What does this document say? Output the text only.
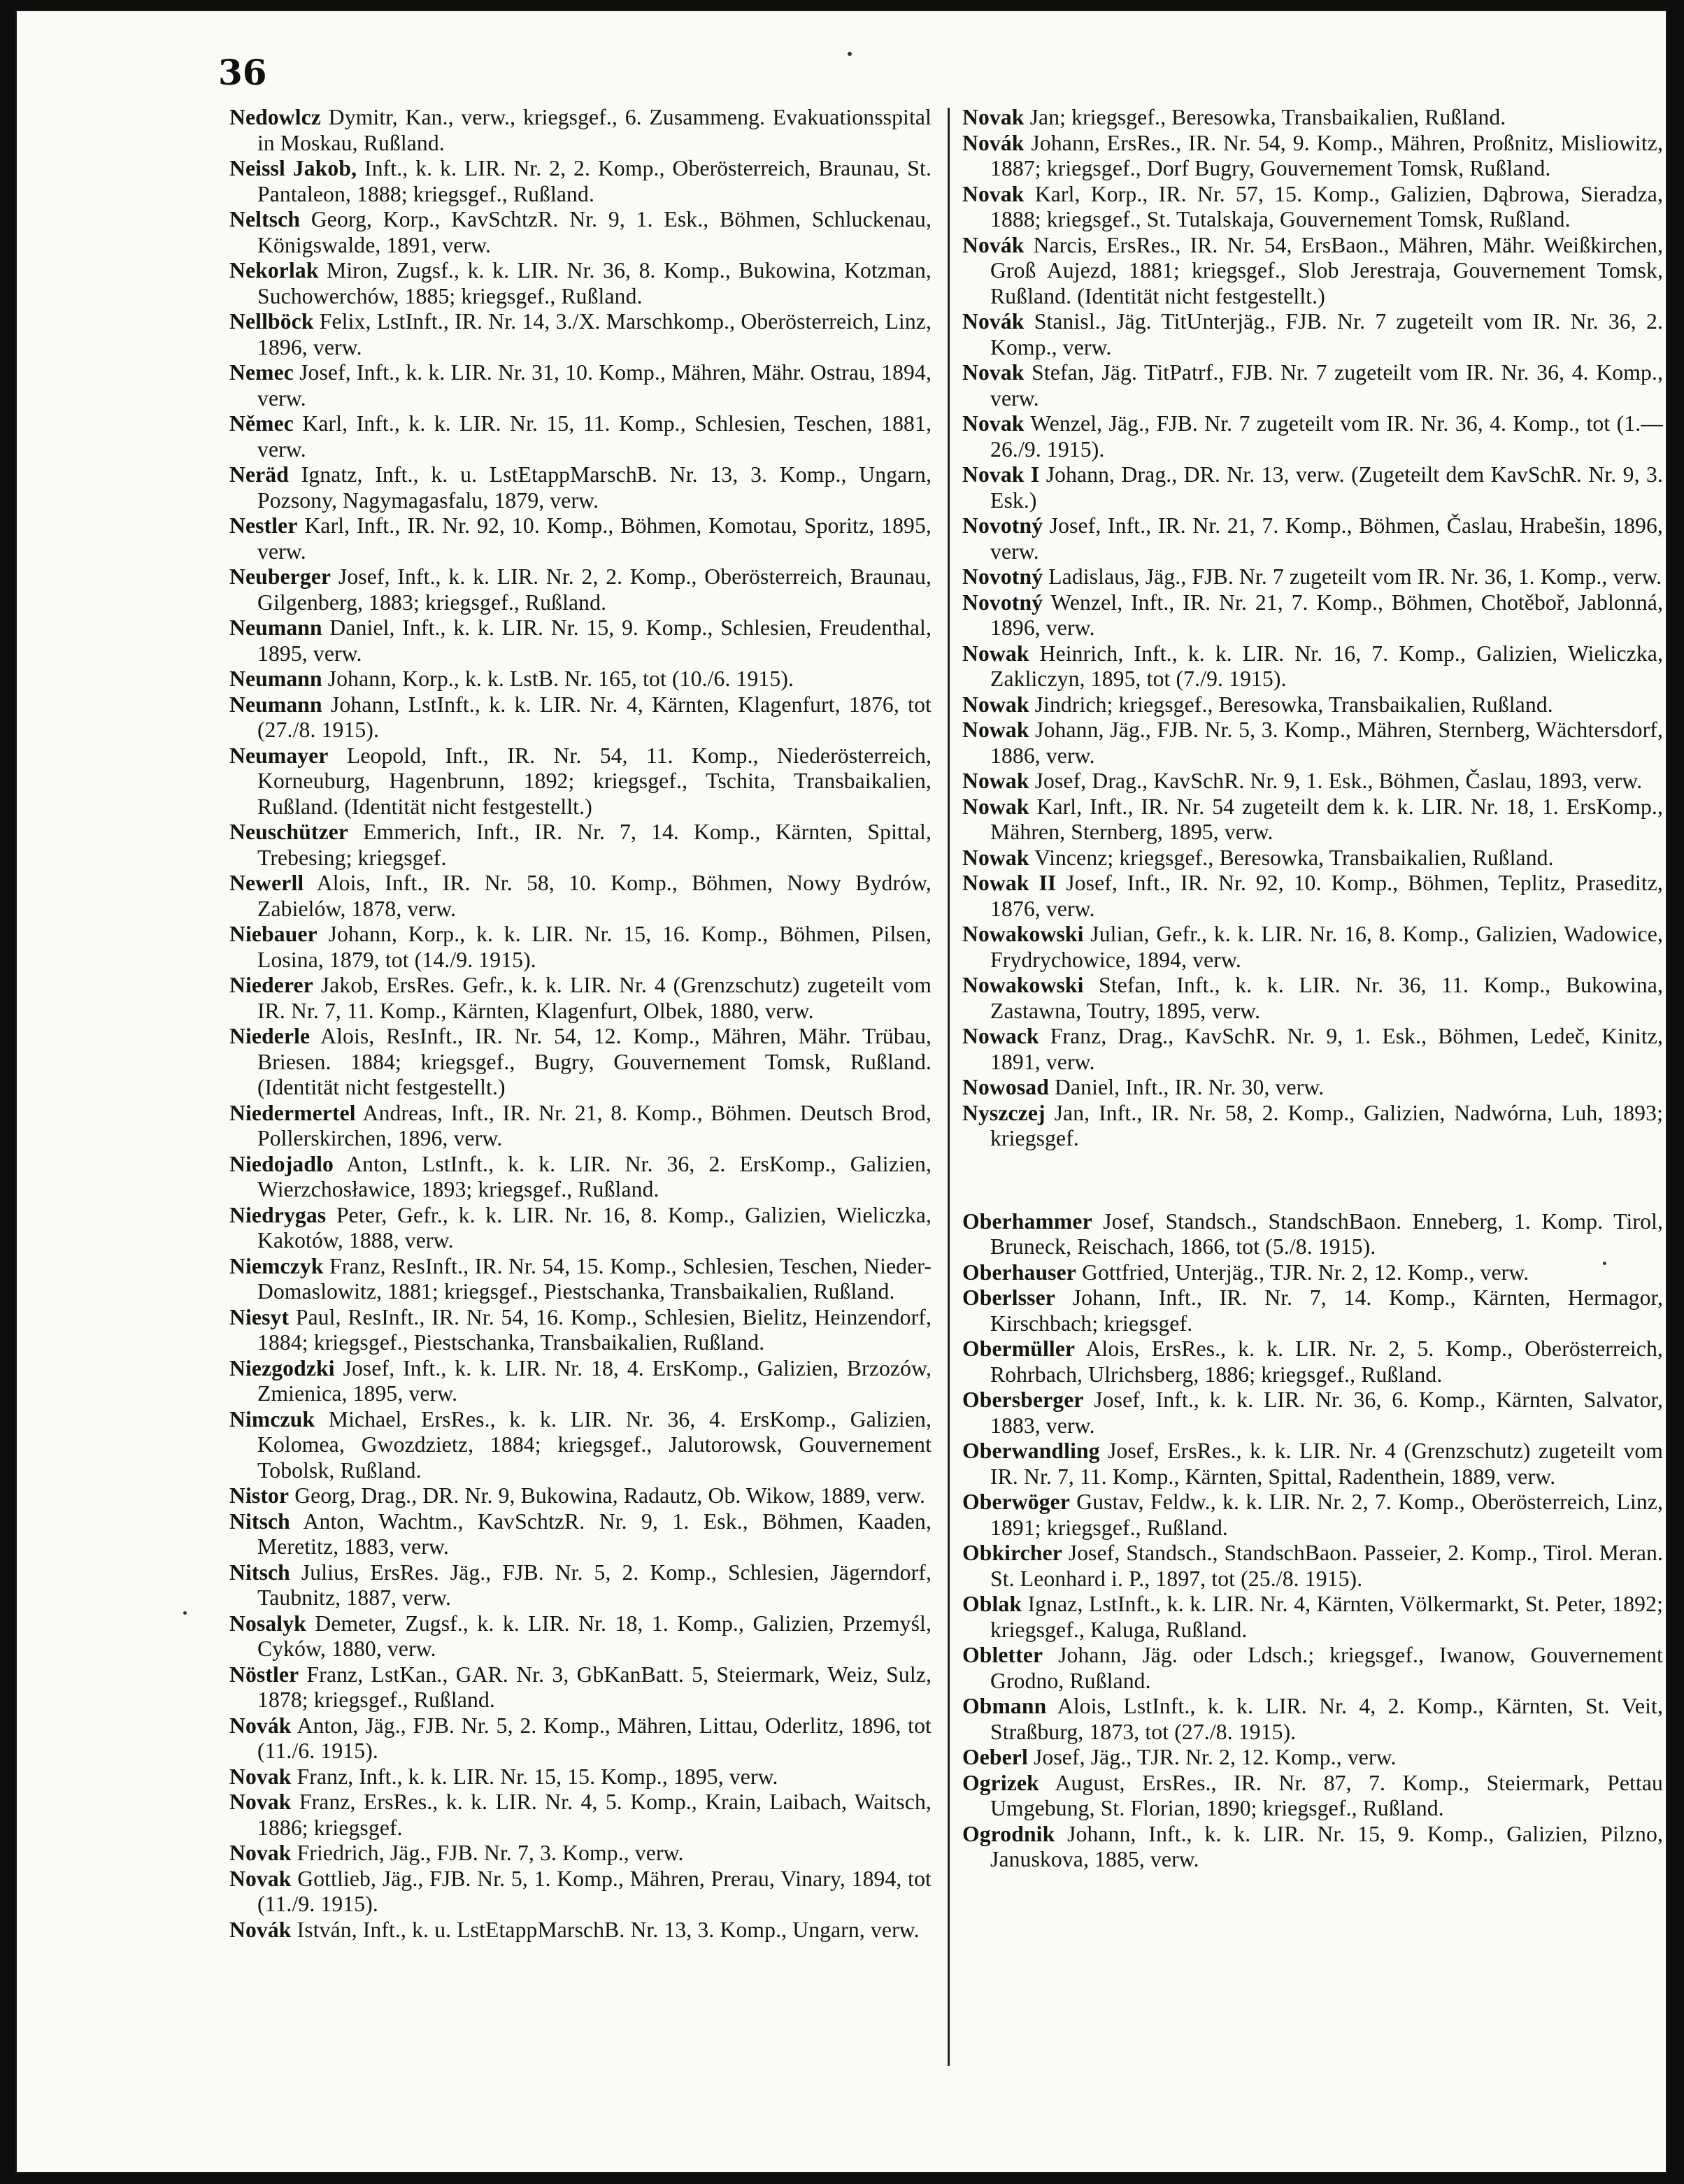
36

Nedowlcz Dymitr, Kan., verw., kriegsgef., 6. Zusammeng. Evakuationsspital in Moskau, Rußland.

Neissl Jakob, Inft., k. k. LIR. Nr. 2, 2. Komp., Oberösterreich, Braunau, St. Pantaleon, 1888; kriegsgef., Rußland.

Neltsch Georg, Korp., KavSchtzR. Nr. 9, 1. Esk., Böhmen, Schluckenau, Königswalde, 1891, verw.

Nekorlak Miron, Zugsf., k. k. LIR. Nr. 36, 8. Komp., Bukowina, Kotzman, Suchowerchów, 1885; kriegsgef., Rußland.

Nellböck Felix, LstInft., IR. Nr. 14, 3./X. Marschkomp., Oberösterreich, Linz, 1896, verw.

Nemec Josef, Inft., k. k. LIR. Nr. 31, 10. Komp., Mähren, Mähr. Ostrau, 1894, verw.

Němec Karl, Inft., k. k. LIR. Nr. 15, 11. Komp., Schlesien, Teschen, 1881, verw.

Neräd Ignatz, Inft., k. u. LstEtappMarschB. Nr. 13, 3. Komp., Ungarn, Pozsony, Nagymagasfalu, 1879, verw.

Nestler Karl, Inft., IR. Nr. 92, 10. Komp., Böhmen, Komotau, Sporitz, 1895, verw.

Neuberger Josef, Inft., k. k. LIR. Nr. 2, 2. Komp., Oberösterreich, Braunau, Gilgenberg, 1883; kriegsgef., Rußland.

Neumann Daniel, Inft., k. k. LIR. Nr. 15, 9. Komp., Schlesien, Freudenthal, 1895, verw.

Neumann Johann, Korp., k. k. LstB. Nr. 165, tot (10./6. 1915).

Neumann Johann, LstInft., k. k. LIR. Nr. 4, Kärnten, Klagenfurt, 1876, tot (27./8. 1915).

Neumayer Leopold, Inft., IR. Nr. 54, 11. Komp., Niederösterreich, Korneuburg, Hagenbrunn, 1892; kriegsgef., Tschita, Transbaikalien, Rußland. (Identität nicht festgestellt.)

Neuschützer Emmerich, Inft., IR. Nr. 7, 14. Komp., Kärnten, Spittal, Trebesing; kriegsgef.

Newerll Alois, Inft., IR. Nr. 58, 10. Komp., Böhmen, Nowy Bydrów, Zabielów, 1878, verw.

Niebauer Johann, Korp., k. k. LIR. Nr. 15, 16. Komp., Böhmen, Pilsen, Losina, 1879, tot (14./9. 1915).

Niederer Jakob, ErsRes. Gefr., k. k. LIR. Nr. 4 (Grenzschutz) zugeteilt vom IR. Nr. 7, 11. Komp., Kärnten, Klagenfurt, Olbek, 1880, verw.

Niederle Alois, ResInft., IR. Nr. 54, 12. Komp., Mähren, Mähr. Trübau, Briesen. 1884; kriegsgef., Bugry, Gouvernement Tomsk, Rußland. (Identität nicht festgestellt.)

Niedermertel Andreas, Inft., IR. Nr. 21, 8. Komp., Böhmen. Deutsch Brod, Pollerskirchen, 1896, verw.

Niedojadlo Anton, LstInft., k. k. LIR. Nr. 36, 2. ErsKomp., Galizien, Wierzchosławice, 1893; kriegsgef., Rußland.

Niedrygas Peter, Gefr., k. k. LIR. Nr. 16, 8. Komp., Galizien, Wieliczka, Kakotów, 1888, verw.

Niemczyk Franz, ResInft., IR. Nr. 54, 15. Komp., Schlesien, Teschen, Nieder-Domaslowitz, 1881; kriegsgef., Piestschanka, Transbaikalien, Rußland.

Niesyt Paul, ResInft., IR. Nr. 54, 16. Komp., Schlesien, Bielitz, Heinzendorf, 1884; kriegsgef., Piestschanka, Transbaikalien, Rußland.

Niezgodzki Josef, Inft., k. k. LIR. Nr. 18, 4. ErsKomp., Galizien, Brzozów, Zmienica, 1895, verw.

Nimczuk Michael, ErsRes., k. k. LIR. Nr. 36, 4. ErsKomp., Galizien, Kolomea, Gwozdzietz, 1884; kriegsgef., Jalutorowsk, Gouvernement Tobolsk, Rußland.

Nistor Georg, Drag., DR. Nr. 9, Bukowina, Radautz, Ob. Wikow, 1889, verw.

Nitsch Anton, Wachtm., KavSchtzR. Nr. 9, 1. Esk., Böhmen, Kaaden, Meretitz, 1883, verw.

Nitsch Julius, ErsRes. Jäg., FJB. Nr. 5, 2. Komp., Schlesien, Jägerndorf, Taubnitz, 1887, verw.

Nosalyk Demeter, Zugsf., k. k. LIR. Nr. 18, 1. Komp., Galizien, Przemyśl, Cyków, 1880, verw.

Nöstler Franz, LstKan., GAR. Nr. 3, GbKanBatt. 5, Steiermark, Weiz, Sulz, 1878; kriegsgef., Rußland.

Novák Anton, Jäg., FJB. Nr. 5, 2. Komp., Mähren, Littau, Oderlitz, 1896, tot (11./6. 1915).

Novak Franz, Inft., k. k. LIR. Nr. 15, 15. Komp., 1895, verw.

Novak Franz, ErsRes., k. k. LIR. Nr. 4, 5. Komp., Krain, Laibach, Waitsch, 1886; kriegsgef.

Novak Friedrich, Jäg., FJB. Nr. 7, 3. Komp., verw.

Novak Gottlieb, Jäg., FJB. Nr. 5, 1. Komp., Mähren, Prerau, Vinary, 1894, tot (11./9. 1915).

Novák István, Inft., k. u. LstEtappMarschB. Nr. 13, 3. Komp., Ungarn, verw.

Novak Jan; kriegsgef., Beresowka, Transbaikalien, Rußland.

Novák Johann, ErsRes., IR. Nr. 54, 9. Komp., Mähren, Proßnitz, Misliowitz, 1887; kriegsgef., Dorf Bugry, Gouvernement Tomsk, Rußland.

Novak Karl, Korp., IR. Nr. 57, 15. Komp., Galizien, Dąbrowa, Sieradza, 1888; kriegsgef., St. Tutalskaja, Gouvernement Tomsk, Rußland.

Novák Narcis, ErsRes., IR. Nr. 54, ErsBaon., Mähren, Mähr. Weißkirchen, Groß Aujezd, 1881; kriegsgef., Slob Jerestraja, Gouvernement Tomsk, Rußland. (Identität nicht festgestellt.)

Novák Stanisl., Jäg. TitUnterjäg., FJB. Nr. 7 zugeteilt vom IR. Nr. 36, 2. Komp., verw.

Novak Stefan, Jäg. TitPatrf., FJB. Nr. 7 zugeteilt vom IR. Nr. 36, 4. Komp., verw.

Novak Wenzel, Jäg., FJB. Nr. 7 zugeteilt vom IR. Nr. 36, 4. Komp., tot (1.—26./9. 1915).

Novak I Johann, Drag., DR. Nr. 13, verw. (Zugeteilt dem KavSchR. Nr. 9, 3. Esk.)

Novotný Josef, Inft., IR. Nr. 21, 7. Komp., Böhmen, Časlau, Hrabešin, 1896, verw.

Novotný Ladislaus, Jäg., FJB. Nr. 7 zugeteilt vom IR. Nr. 36, 1. Komp., verw.

Novotný Wenzel, Inft., IR. Nr. 21, 7. Komp., Böhmen, Chotěboř, Jablonná, 1896, verw.

Nowak Heinrich, Inft., k. k. LIR. Nr. 16, 7. Komp., Galizien, Wieliczka, Zakliczyn, 1895, tot (7./9. 1915).

Nowak Jindrich; kriegsgef., Beresowka, Transbaikalien, Rußland.

Nowak Johann, Jäg., FJB. Nr. 5, 3. Komp., Mähren, Sternberg, Wächtersdorf, 1886, verw.

Nowak Josef, Drag., KavSchR. Nr. 9, 1. Esk., Böhmen, Časlau, 1893, verw.

Nowak Karl, Inft., IR. Nr. 54 zugeteilt dem k. k. LIR. Nr. 18, 1. ErsKomp., Mähren, Sternberg, 1895, verw.

Nowak Vincenz; kriegsgef., Beresowka, Transbaikalien, Rußland.

Nowak II Josef, Inft., IR. Nr. 92, 10. Komp., Böhmen, Teplitz, Praseditz, 1876, verw.

Nowakowski Julian, Gefr., k. k. LIR. Nr. 16, 8. Komp., Galizien, Wadowice, Frydrychowice, 1894, verw.

Nowakowski Stefan, Inft., k. k. LIR. Nr. 36, 11. Komp., Bukowina, Zastawna, Toutry, 1895, verw.

Nowack Franz, Drag., KavSchR. Nr. 9, 1. Esk., Böhmen, Ledeč, Kinitz, 1891, verw.

Nowosad Daniel, Inft., IR. Nr. 30, verw.

Nyszczej Jan, Inft., IR. Nr. 58, 2. Komp., Galizien, Nadwórna, Luh, 1893; kriegsgef.

Oberhammer Josef, Standsch., StandschBaon. Enneberg, 1. Komp. Tirol, Bruneck, Reischach, 1866, tot (5./8. 1915).

Oberhauser Gottfried, Unterjäg., TJR. Nr. 2, 12. Komp., verw.

Oberlsser Johann, Inft., IR. Nr. 7, 14. Komp., Kärnten, Hermagor, Kirschbach; kriegsgef.

Obermüller Alois, ErsRes., k. k. LIR. Nr. 2, 5. Komp., Oberösterreich, Rohrbach, Ulrichsberg, 1886; kriegsgef., Rußland.

Obersberger Josef, Inft., k. k. LIR. Nr. 36, 6. Komp., Kärnten, Salvator, 1883, verw.

Oberwandling Josef, ErsRes., k. k. LIR. Nr. 4 (Grenzschutz) zugeteilt vom IR. Nr. 7, 11. Komp., Kärnten, Spittal, Radenthein, 1889, verw.

Oberwöger Gustav, Feldw., k. k. LIR. Nr. 2, 7. Komp., Oberösterreich, Linz, 1891; kriegsgef., Rußland.

Obkircher Josef, Standsch., StandschBaon. Passeier, 2. Komp., Tirol. Meran. St. Leonhard i. P., 1897, tot (25./8. 1915).

Oblak Ignaz, LstInft., k. k. LIR. Nr. 4, Kärnten, Völkermarkt, St. Peter, 1892; kriegsgef., Kaluga, Rußland.

Obletter Johann, Jäg. oder Ldsch.; kriegsgef., Iwanow, Gouvernement Grodno, Rußland.

Obmann Alois, LstInft., k. k. LIR. Nr. 4, 2. Komp., Kärnten, St. Veit, Straßburg, 1873, tot (27./8. 1915).

Oeberl Josef, Jäg., TJR. Nr. 2, 12. Komp., verw.

Ogrizek August, ErsRes., IR. Nr. 87, 7. Komp., Steiermark, Pettau Umgebung, St. Florian, 1890; kriegsgef., Rußland.

Ogrodnik Johann, Inft., k. k. LIR. Nr. 15, 9. Komp., Galizien, Pilzno, Januskova, 1885, verw.
